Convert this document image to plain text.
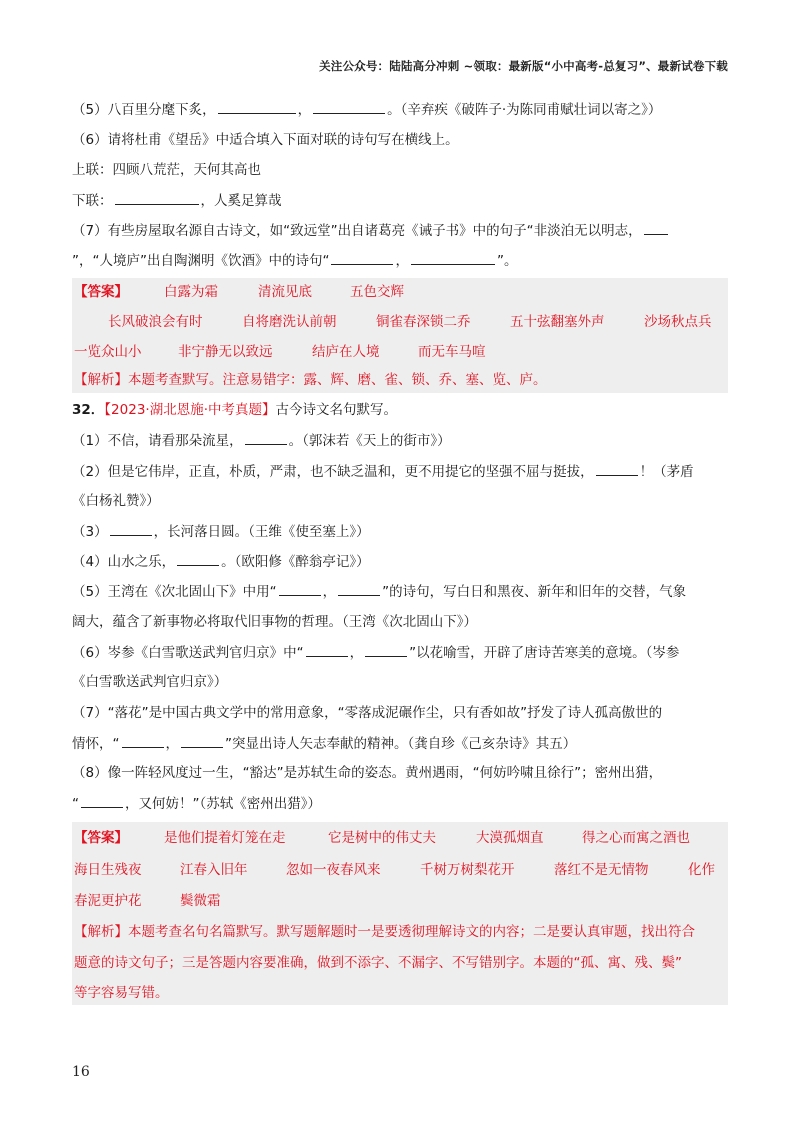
关注公众号：陆陆高分冲刺 ~领取：最新版“小中高考-总复习”、最新试卷下载
（5）八百里分麾下炙，	，	。（辛弃疾《破阵子·为陈同甫赋壮词以寄之》）
（6）请将杜甫《望岳》中适合填入下面对联的诗句写在横线上。
上联：四顾八荒茫，天何其高也
下联：	，人奚足算哉
（7）有些房屋取名源自古诗文，如“致远堂”出自诸葛亮《诫子书》中的句子“非淡泊无以明志，
”，“人境庐”出自陶渊明《饮酒》中的诗句“	，	”。
【答案】	白露为霜	清流见底	五色交辉
长风破浪会有时	自将磨洗认前朝	铜雀春深锁二乔	五十弦翻塞外声	沙场秋点兵
一览众山小	非宁静无以致远	结庐在人境	而无车马喧
【解析】本题考查默写。注意易错字：露、辉、磨、雀、锁、乔、塞、览、庐。
32．【2023·湖北恩施·中考真题】古今诗文名句默写。
（1）不信，请看那朵流星，	。（郭沫若《天上的街市》）
（2）但是它伟岸，正直，朴质，严肃，也不缺乏温和，更不用提它的坚强不屈与挺拔，	！（茅盾
《白杨礼赞》）
（3）	，长河落日圆。（王维《使至塞上》）
（4）山水之乐，	。（欧阳修《醉翁亭记》）
（5）王湾在《次北固山下》中用“	，	”的诗句，写白日和黑夜、新年和旧年的交替，气象
阔大，蕴含了新事物必将取代旧事物的哲理。（王湾《次北固山下》）
（6）岑参《白雪歌送武判官归京》中“	，	”以花喻雪，开辟了唐诗苦寒美的意境。（岑参
《白雪歌送武判官归京》）
（7）“落花”是中国古典文学中的常用意象，“零落成泥碾作尘，只有香如故”抒发了诗人孤高傲世的
情怀，“	，	”突显出诗人矢志奉献的精神。（龚自珍《己亥杂诗》其五）
（8）像一阵轻风度过一生，“豁达”是苏轼生命的姿态。黄州遇雨，“何妨吟啸且徐行”；密州出猎，
“	，又何妨！”（苏轼《密州出猎》）
【答案】	是他们提着灯笼在走	它是树中的伟丈夫	大漠孤烟直	得之心而寓之酒也
海日生残夜	江春入旧年	忽如一夜春风来	千树万树梨花开	落红不是无情物	化作
春泥更护花	鬓微霜
【解析】本题考查名句名篇默写。默写题解题时一是要透彻理解诗文的内容；二是要认真审题，找出符合
题意的诗文句子；三是答题内容要准确，做到不添字、不漏字、不写错别字。本题的“孤、寓、残、鬓”
等字容易写错。
16
